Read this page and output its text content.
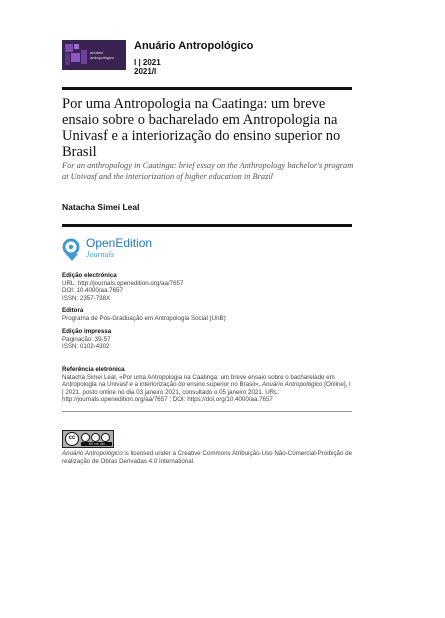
anuário
antropológico
Anuário Antropológico
I | 2021
2021/I
Por uma Antropologia na Caatinga: um breve ensaio sobre o bacharelado em Antropologia na Univasf e a interiorização do ensino superior no Brasil
For an anthropology in Caatinga: brief essay on the Anthropology bachelor's program at Univasf and the interiorization of higher education in Brazil
Natacha Simei Leal
OpenEdition
Journals
Edição electrónica
URL: http://journals.openedition.org/aa/7657
DOI: 10.4000/aa.7657
ISSN: 2357-738X
Editora
Programa de Pós-Graduação em Antropologia Social (UnB)
Edição impressa
Paginação: 39-57
ISSN: 0102-4302
Referência eletrónica
Natacha Simei Leal, «Por uma Antropologia na Caatinga: um breve ensaio sobre o bacharelado em Antropologia na Univasf e a interiorização do ensino superior no Brasil», Anuário Antropológico [Online], I | 2021, posto online no dia 03 janeiro 2021, consultado o 05 janeiro 2021. URL: http://journals.openedition.org/aa/7657 ; DOI: https://doi.org/10.4000/aa.7657
cc
BY NC ND
Anuário Antropológico is licensed under a Creative Commons Atribuição-Uso Não-Comercial-Proibição de realização de Obras Derivadas 4.0 International.
